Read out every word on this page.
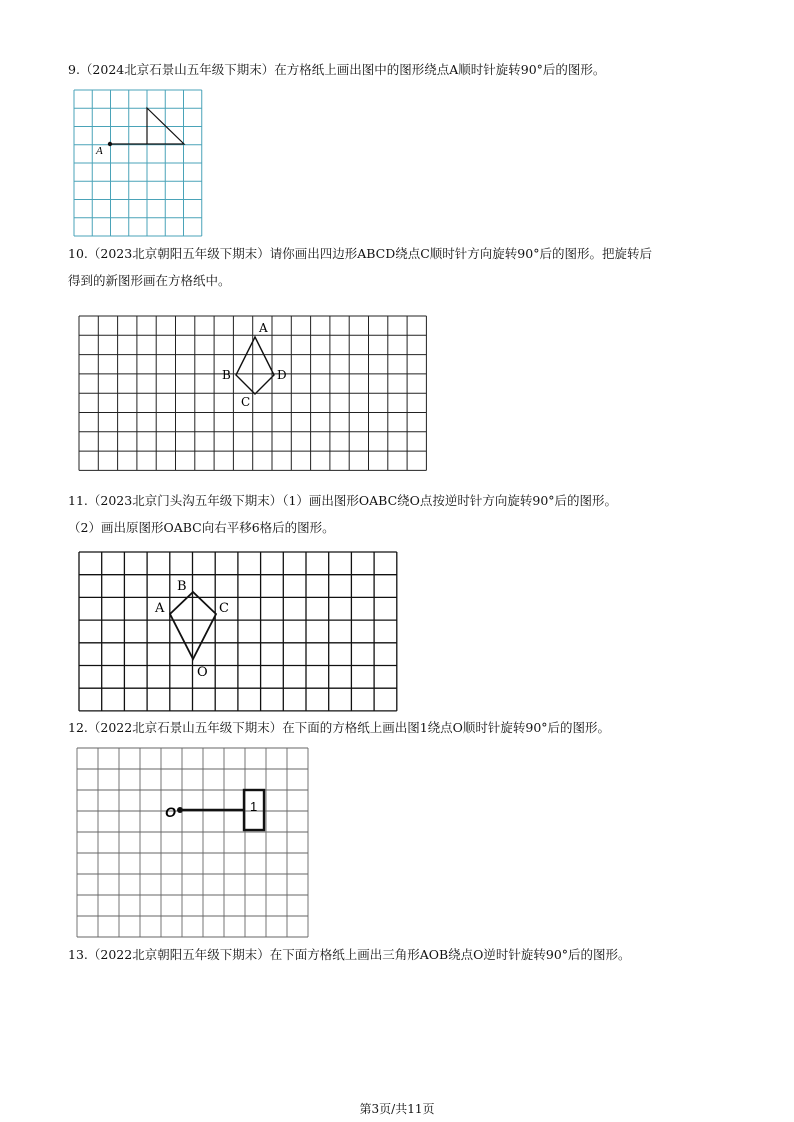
9.（2024北京石景山五年级下期末）在方格纸上画出图中的图形绕点A顺时针旋转90°后的图形。
A
10.（2023北京朝阳五年级下期末）请你画出四边形ABCD绕点C顺时针方向旋转90°后的图形。把旋转后
得到的新图形画在方格纸中。
A
B
C
D
11.（2023北京门头沟五年级下期末）（1）画出图形OABC绕O点按逆时针方向旋转90°后的图形。
（2）画出原图形OABC向右平移6格后的图形。
A
B
C
O
12.（2022北京石景山五年级下期末）在下面的方格纸上画出图1绕点O顺时针旋转90°后的图形。
1
O
13.（2022北京朝阳五年级下期末）在下面方格纸上画出三角形AOB绕点O逆时针旋转90°后的图形。
第3页/共11页
